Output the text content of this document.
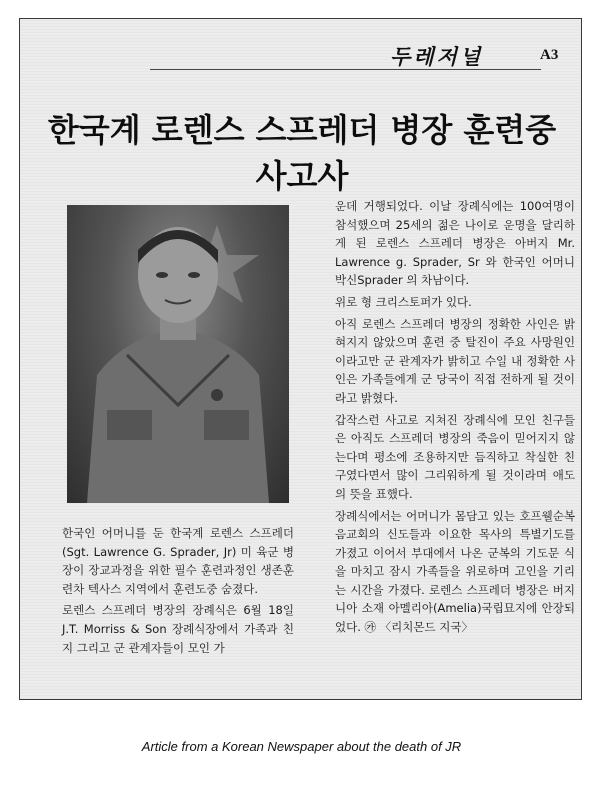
두레저널	A3
한국계 로렌스 스프레더 병장 훈련중 사고사

운데 거행되었다. 이날 장례식에는 100여명이 참석했으며 25세의 젊은 나이로 운명을 달리하게 된 로렌스 스프레더 병장은 아버지 Mr. Lawrence g. Sprader, Sr 와 한국인 어머니 박신Sprader 의 차남이다.

위로 형 크리스토퍼가 있다.

아직 로렌스 스프레더 병장의 정확한 사인은 밝혀지지 않았으며 훈련 중 탈진이 주요 사망원인이라고만 군 관계자가 밝히고 수일 내 정확한 사인은 가족들에게 군 당국이 직접 전하게 될 것이라고 밝혔다.

갑작스런 사고로 지쳐진 장례식에 모인 친구들은 아직도 스프레더 병장의 죽음이 믿어지지 않는다며 평소에 조용하지만 듬직하고 착실한 친구였다면서 많이 그리워하게 될 것이라며 애도의 뜻을 표했다.

장례식에서는 어머니가 몸담고 있는 호프웰순복음교회의 신도들과 이요한 목사의 특별기도를 가졌고 이어서 부대에서 나온 군복의 기도문 식을 마치고 잠시 가족들을 위로하며 고인을 기리는 시간을 가졌다. 로렌스 스프레더 병장은 버지니아 소재 아멜리아(Amelia)국립묘지에 안장되었다. ㉮ 〈리치몬드 지국〉

한국인 어머니를 둔 한국계 로렌스 스프레더 (Sgt. Lawrence G. Sprader, Jr) 미 육군 병장이 장교과정을 위한 필수 훈련과정인 생존훈련차 텍사스 지역에서 훈련도중 숨졌다.

로렌스 스프레더 병장의 장례식은 6월 18일 J.T. Morriss & Son 장례식장에서 가족과 친지 그리고 군 관계자들이 모인 가

Article from a Korean Newspaper about the death of JR
